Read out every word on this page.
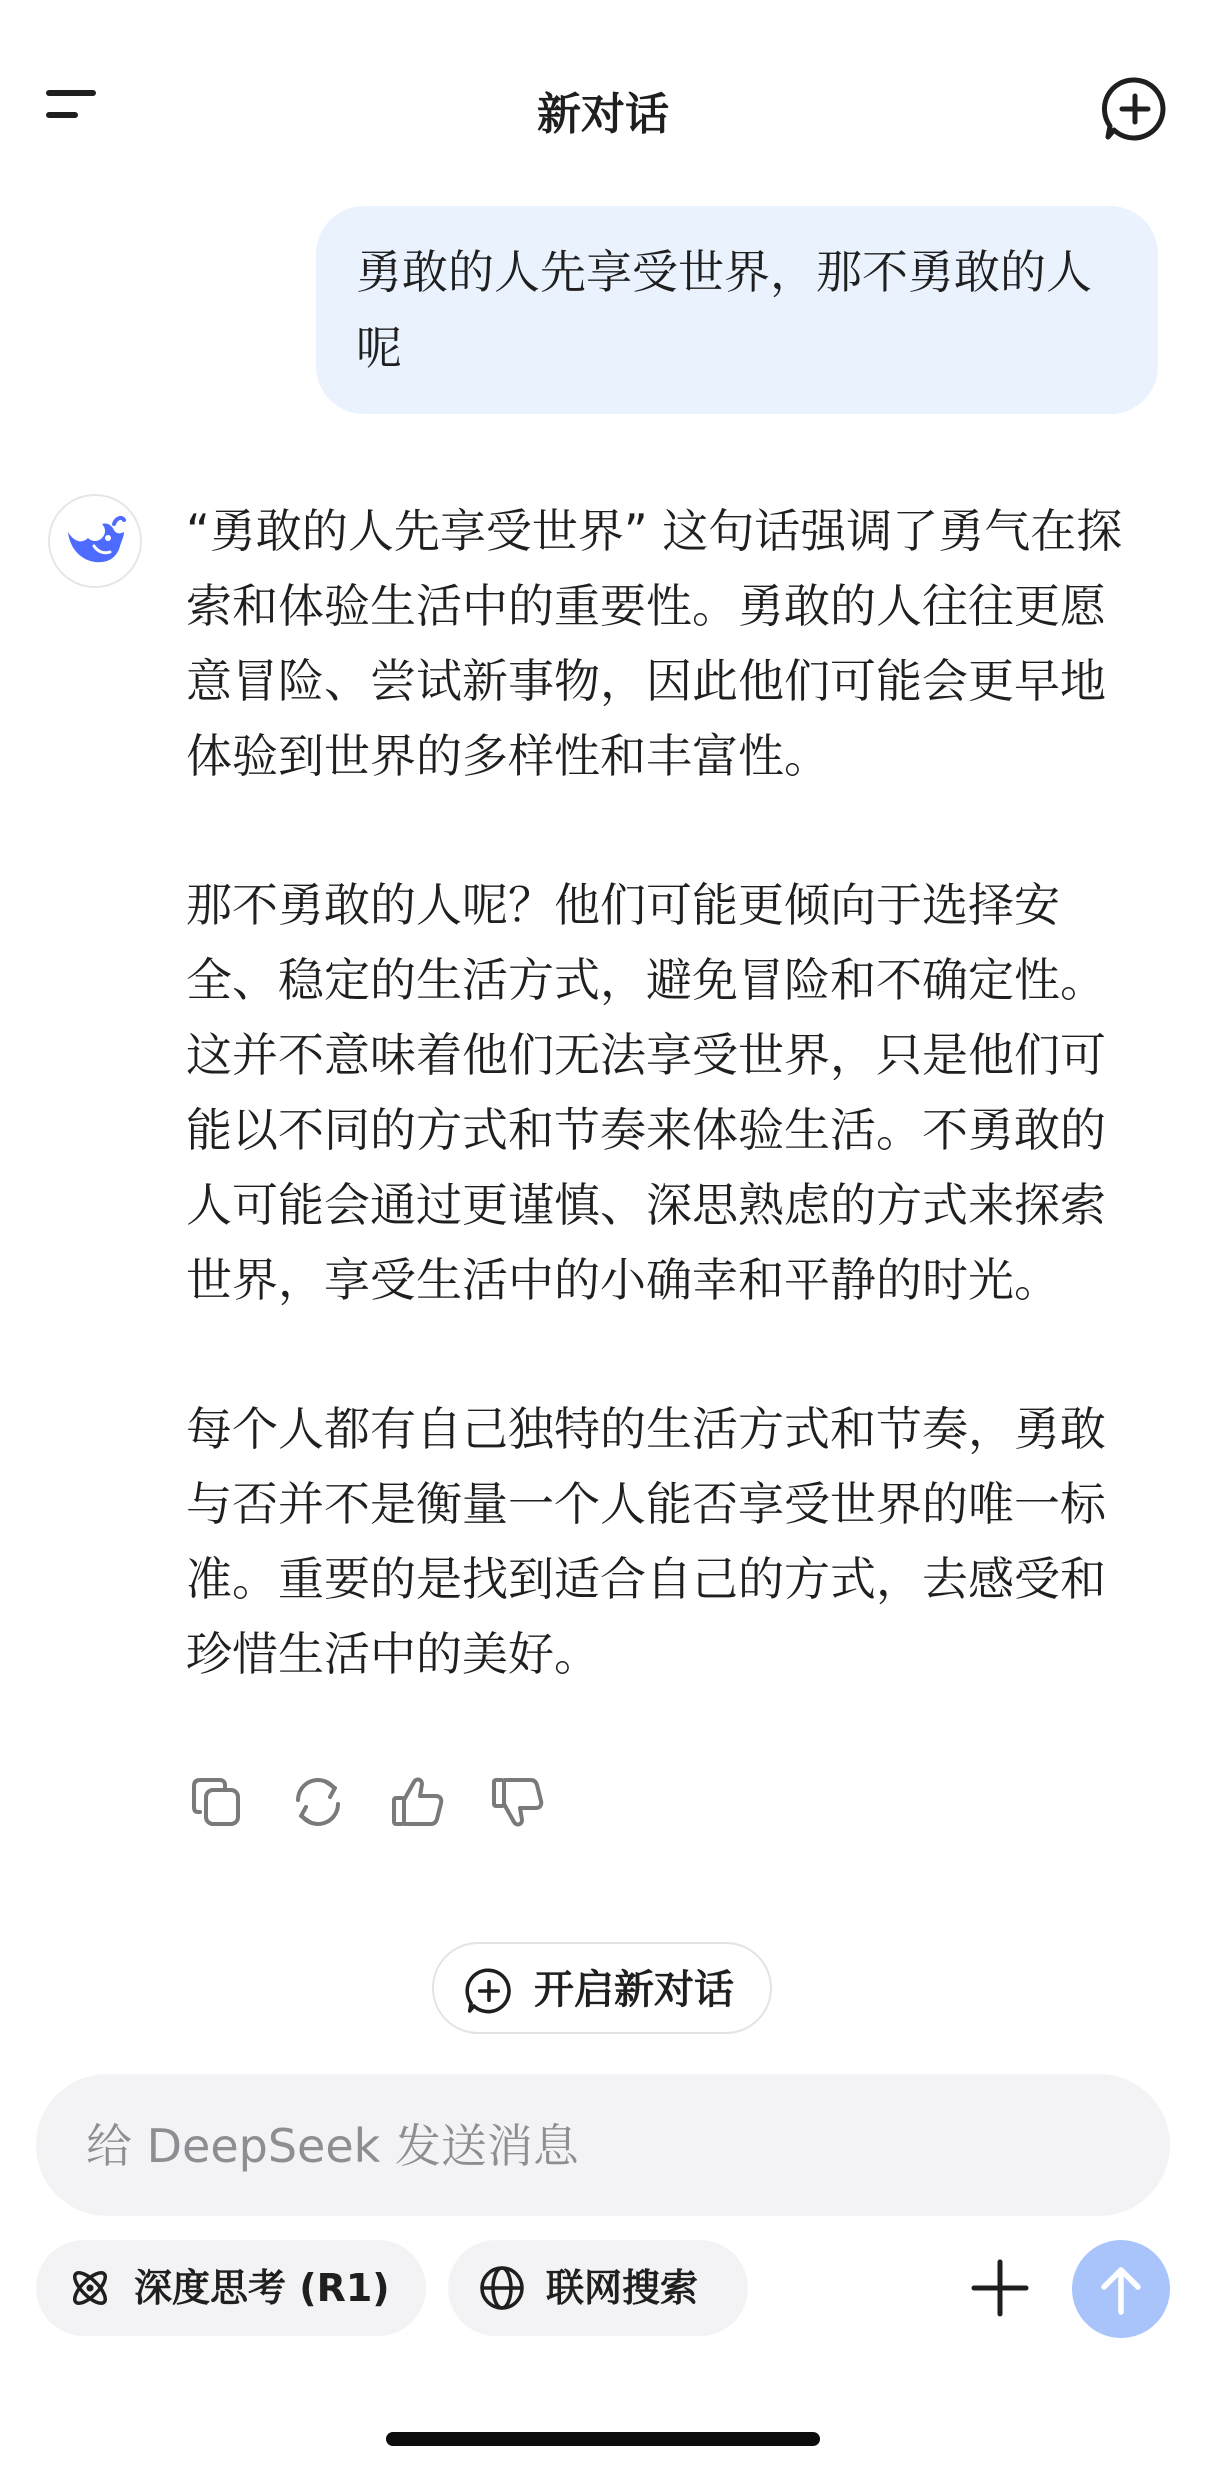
新对话
勇敢的人先享受世界，那不勇敢的人呢

“勇敢的人先享受世界” 这句话强调了勇气在探索和体验生活中的重要性。勇敢的人往往更愿意冒险、尝试新事物，因此他们可能会更早地体验到世界的多样性和丰富性。

那不勇敢的人呢？他们可能更倾向于选择安全、稳定的生活方式，避免冒险和不确定性。这并不意味着他们无法享受世界，只是他们可能以不同的方式和节奏来体验生活。不勇敢的人可能会通过更谨慎、深思熟虑的方式来探索世界，享受生活中的小确幸和平静的时光。

每个人都有自己独特的生活方式和节奏，勇敢与否并不是衡量一个人能否享受世界的唯一标准。重要的是找到适合自己的方式，去感受和珍惜生活中的美好。

开启新对话
给 DeepSeek 发送消息
深度思考 (R1)	联网搜索
